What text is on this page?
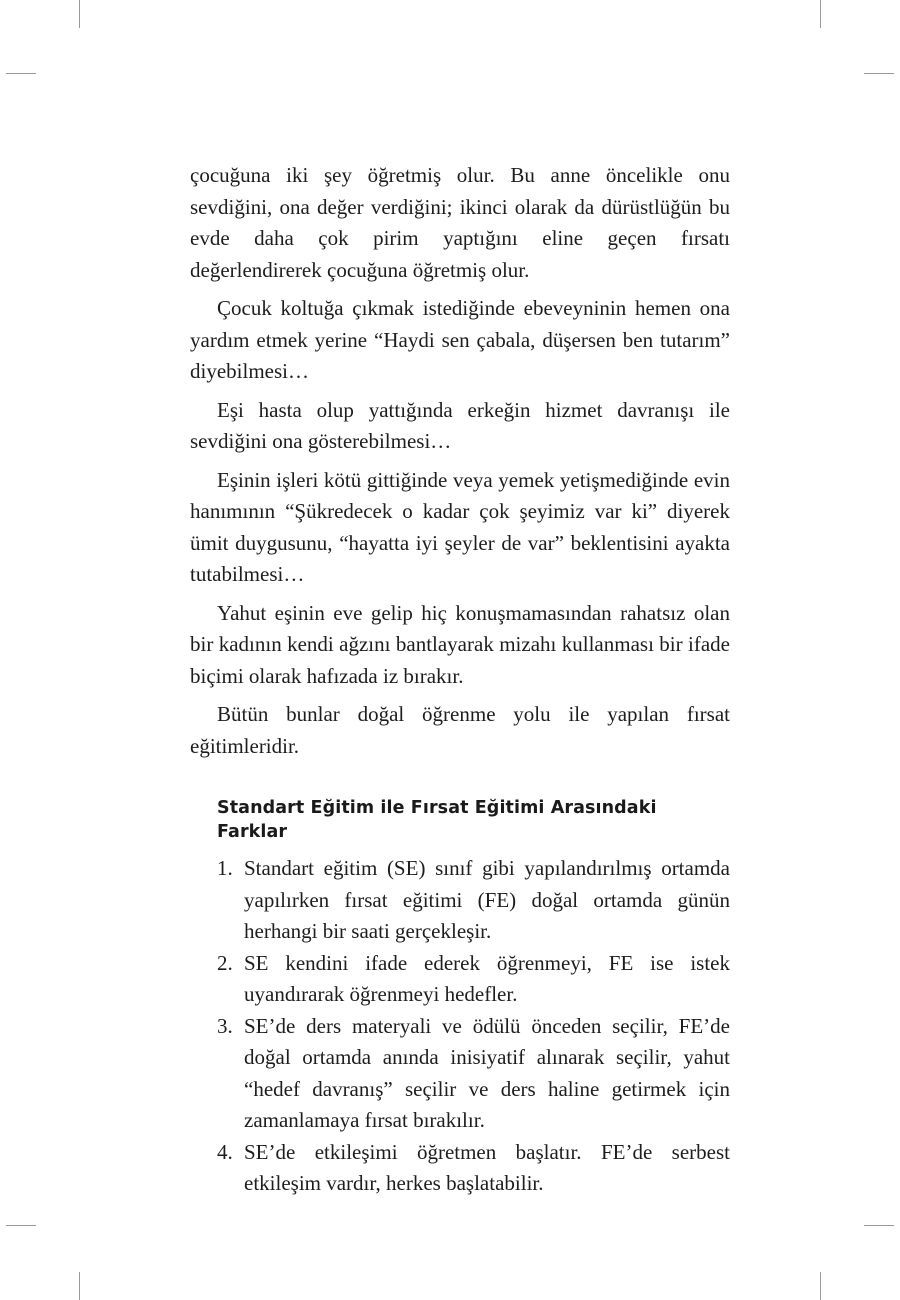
çocuğuna iki şey öğretmiş olur. Bu anne öncelikle onu sevdiğini, ona değer verdiğini; ikinci olarak da dürüstlüğün bu evde daha çok pirim yaptığını eline geçen fırsatı değerlendirerek çocuğuna öğretmiş olur.

Çocuk koltuğa çıkmak istediğinde ebeveyninin hemen ona yardım etmek yerine “Haydi sen çabala, düşersen ben tutarım” diyebilmesi…

Eşi hasta olup yattığında erkeğin hizmet davranışı ile sevdiğini ona gösterebilmesi…

Eşinin işleri kötü gittiğinde veya yemek yetişmediğinde evin hanımının “Şükredecek o kadar çok şeyimiz var ki” diyerek ümit duygusunu, “hayatta iyi şeyler de var” beklentisini ayakta tutabilmesi…

Yahut eşinin eve gelip hiç konuşmamasından rahatsız olan bir kadının kendi ağzını bantlayarak mizahı kullanması bir ifade biçimi olarak hafızada iz bırakır.

Bütün bunlar doğal öğrenme yolu ile yapılan fırsat eğitimleridir.

Standart Eğitim ile Fırsat Eğitimi Arasındaki Farklar
1. Standart eğitim (SE) sınıf gibi yapılandırılmış ortamda yapılırken fırsat eğitimi (FE) doğal ortamda günün herhangi bir saati gerçekleşir.
2. SE kendini ifade ederek öğrenmeyi, FE ise istek uyandırarak öğrenmeyi hedefler.
3. SE’de ders materyali ve ödülü önceden seçilir, FE’de doğal ortamda anında inisiyatif alınarak seçilir, yahut “hedef davranış” seçilir ve ders haline getirmek için zamanlamaya fırsat bırakılır.
4. SE’de etkileşimi öğretmen başlatır. FE’de serbest etkileşim vardır, herkes başlatabilir.
